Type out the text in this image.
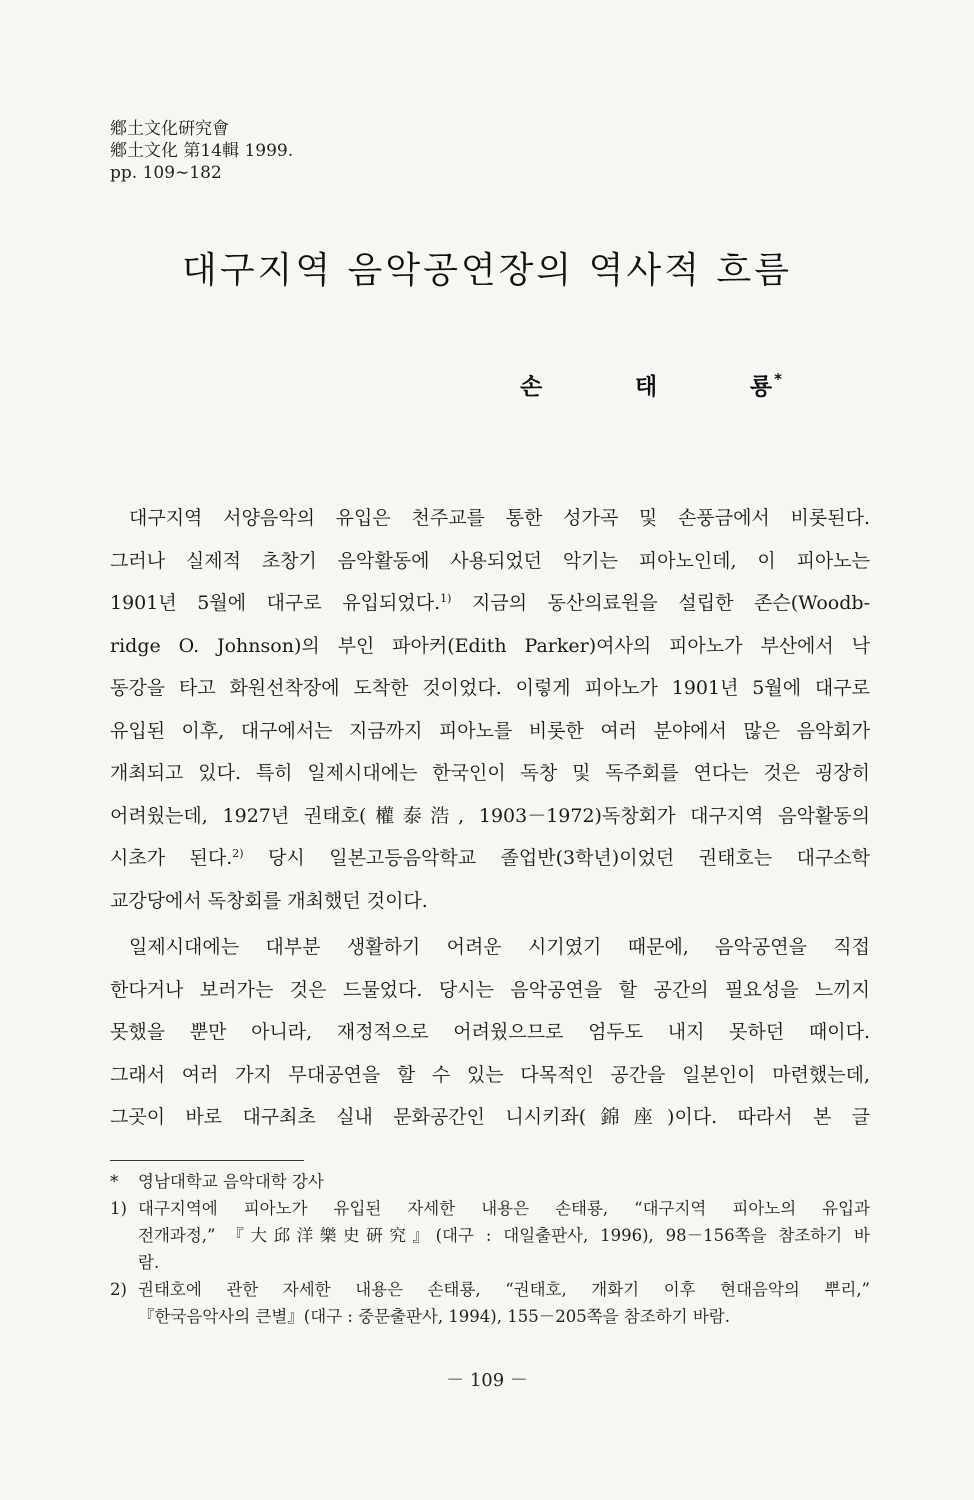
鄕土文化硏究會
鄕土文化 第14輯 1999.
pp. 109∼182
대구지역 음악공연장의 역사적 흐름
손	태	룡 *
대구지역 서양음악의 유입은 천주교를 통한 성가곡 및 손풍금에서 비롯된다.
그러나 실제적 초창기 음악활동에 사용되었던 악기는 피아노인데, 이 피아노는
1901년 5월에 대구로 유입되었다.$^{1)}$ 지금의 동산의료원을 설립한 존슨(Woodb-
ridge O. Johnson)의 부인 파아커(Edith Parker)여사의 피아노가 부산에서 낙
동강을 타고 화원선착장에 도착한 것이었다. 이렇게 피아노가 1901년 5월에 대구로
유입된 이후, 대구에서는 지금까지 피아노를 비롯한 여러 분야에서 많은 음악회가
개최되고 있다. 특히 일제시대에는 한국인이 독창 및 독주회를 연다는 것은 굉장히
어려웠는데, 1927년 권태호(權泰浩, 1903－1972)독창회가 대구지역 음악활동의
시초가 된다.$^{2)}$ 당시 일본고등음악학교 졸업반(3학년)이었던 권태호는 대구소학
교강당에서 독창회를 개최했던 것이다.
일제시대에는 대부분 생활하기 어려운 시기였기 때문에, 음악공연을 직접
한다거나 보러가는 것은 드물었다. 당시는 음악공연을 할 공간의 필요성을 느끼지
못했을 뿐만 아니라, 재정적으로 어려웠으므로 엄두도 내지 못하던 때이다.
그래서 여러 가지 무대공연을 할 수 있는 다목적인 공간을 일본인이 마련했는데,
그곳이 바로 대구최초 실내 문화공간인 니시키좌(錦座)이다. 따라서 본 글
*	영남대학교 음악대학 강사
1) 대구지역에 피아노가 유입된 자세한 내용은 손태룡, “대구지역 피아노의 유입과
전개과정,” 『大邱洋樂史硏究』(대구 : 대일출판사, 1996), 98－156쪽을 참조하기 바
람.
2) 권태호에 관한 자세한 내용은 손태룡, “권태호, 개화기 이후 현대음악의 뿌리,”
『한국음악사의 큰별』(대구 : 중문출판사, 1994), 155－205쪽을 참조하기 바람.
－ 109 －
